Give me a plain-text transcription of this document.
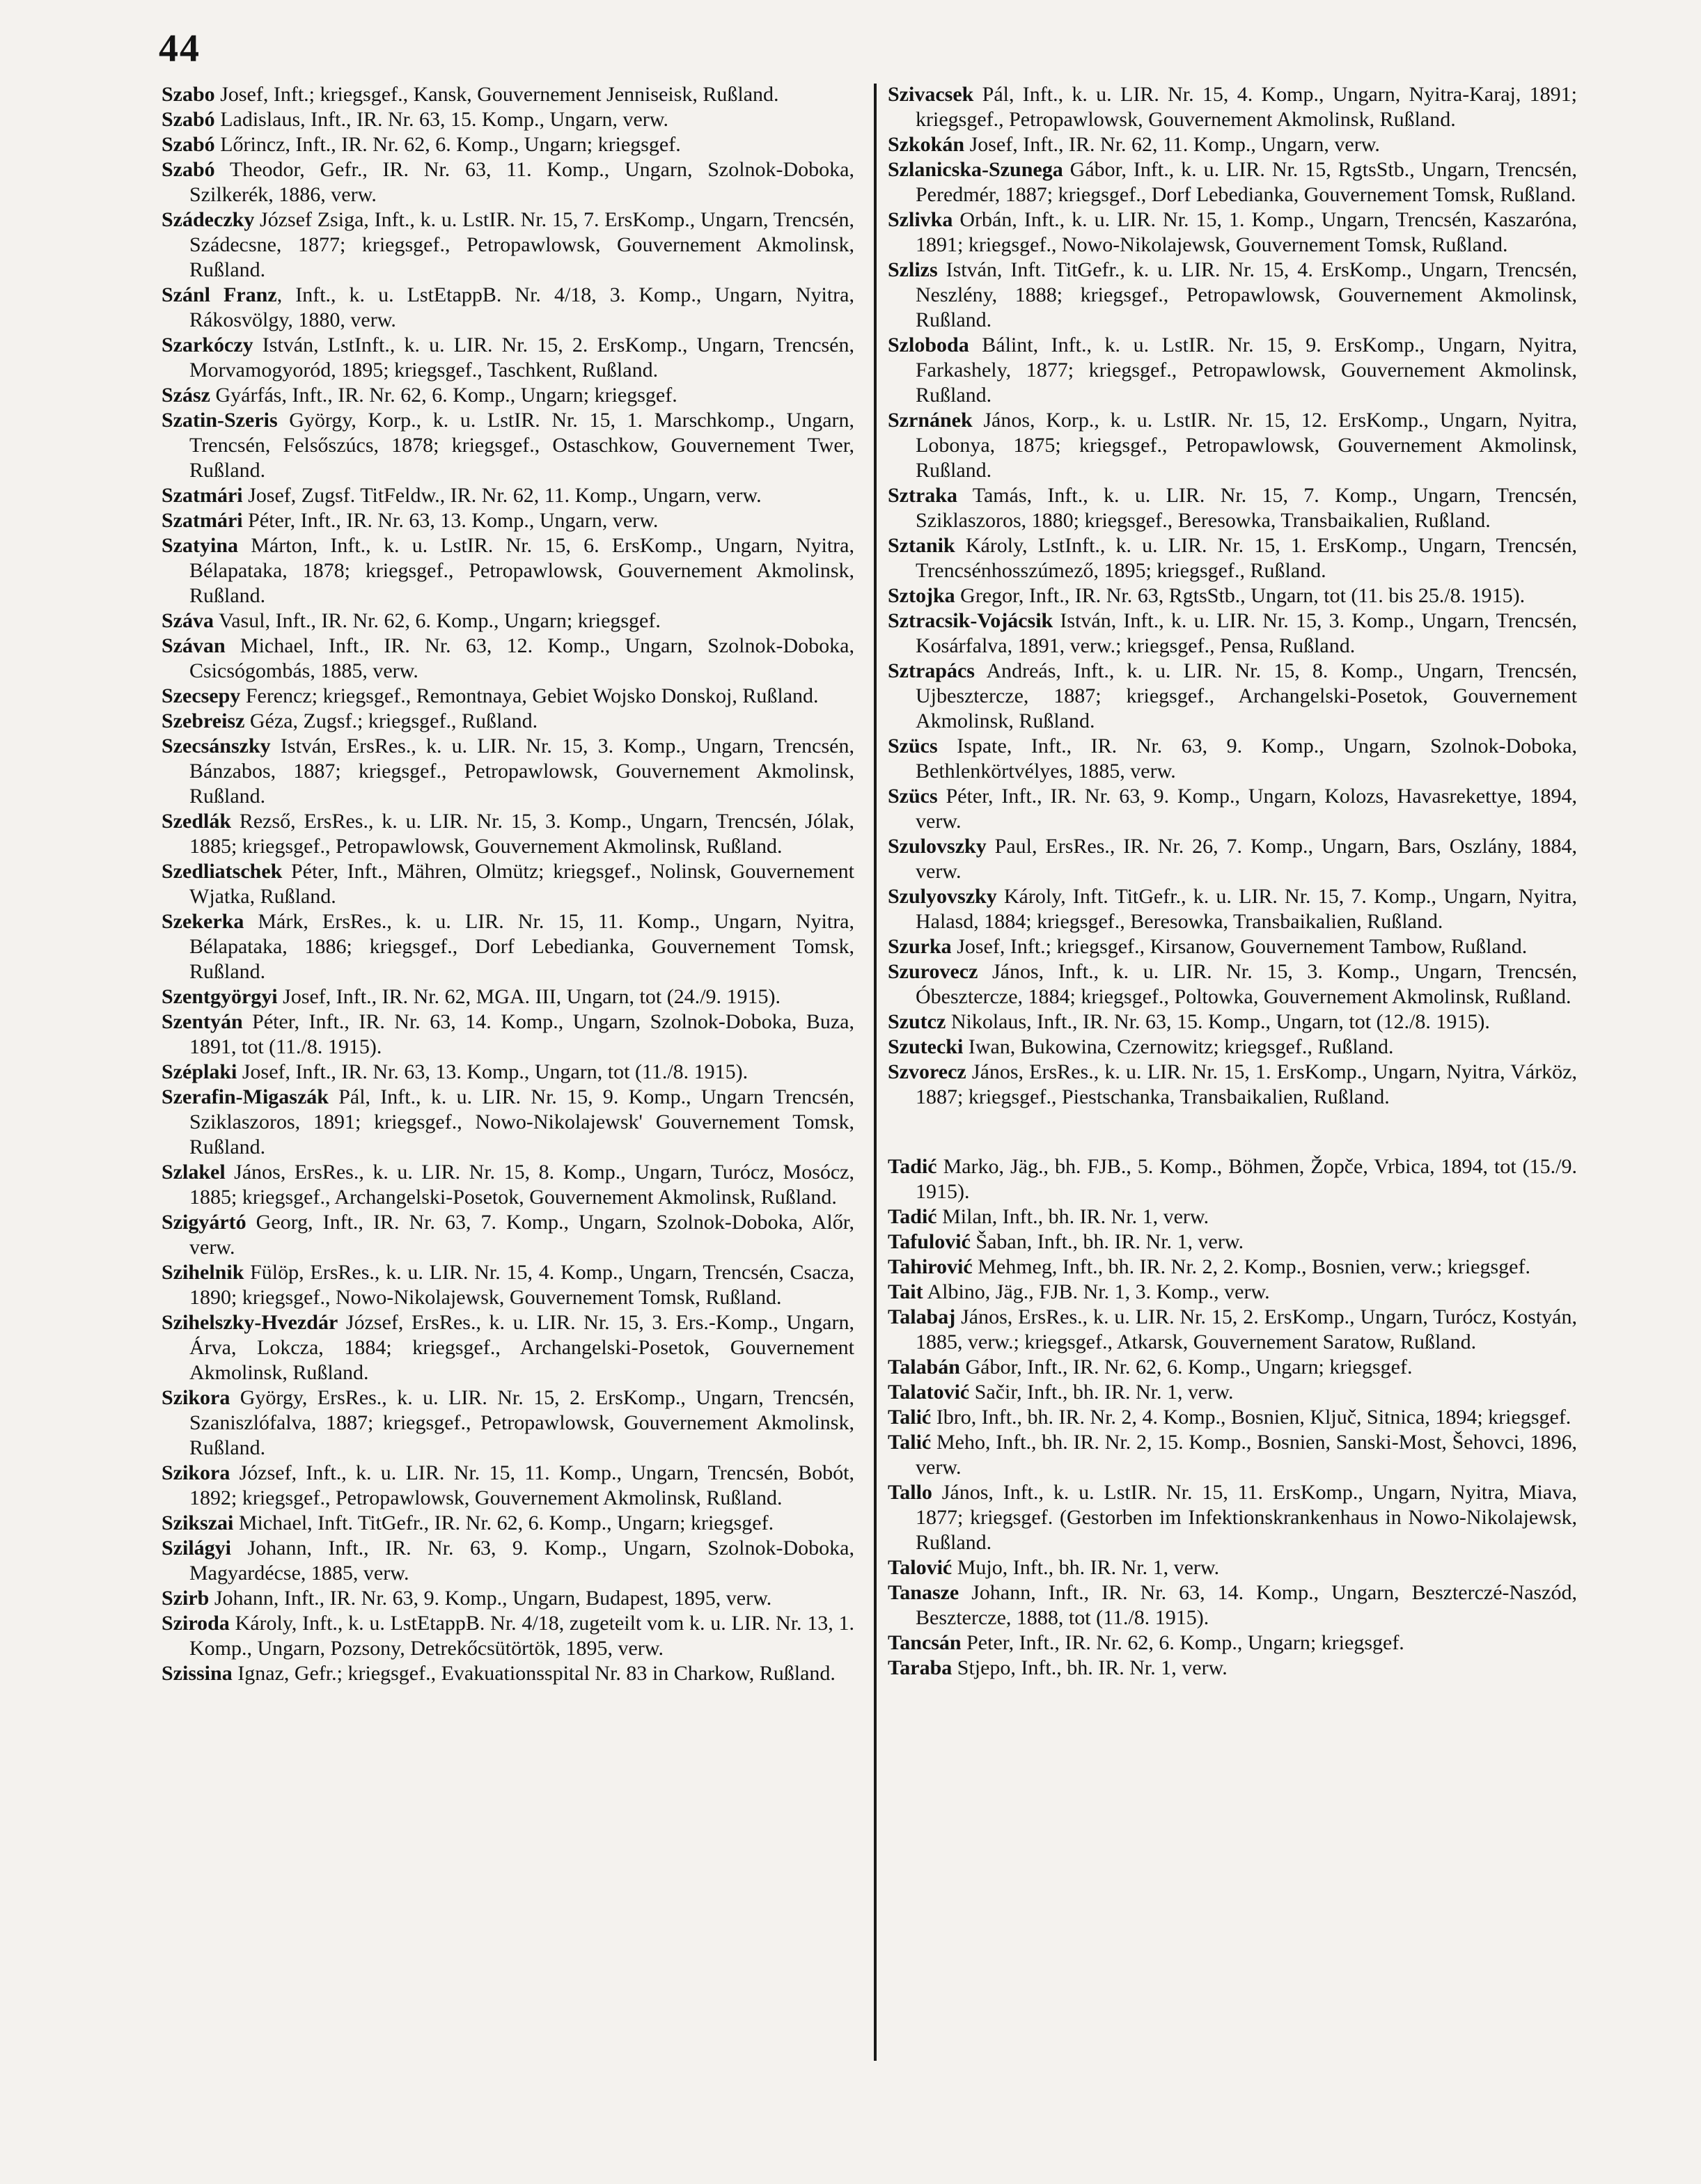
44

Szabo Josef, Inft.; kriegsgef., Kansk, Gouvernement Jenniseisk, Rußland.

Szabó Ladislaus, Inft., IR. Nr. 63, 15. Komp., Ungarn, verw.

Szabó Lőrincz, Inft., IR. Nr. 62, 6. Komp., Ungarn; kriegsgef.

Szabó Theodor, Gefr., IR. Nr. 63, 11. Komp., Ungarn, Szolnok-Doboka, Szilkerék, 1886, verw.

Szádeczky József Zsiga, Inft., k. u. LstIR. Nr. 15, 7. ErsKomp., Ungarn, Trencsén, Szádecsne, 1877; kriegsgef., Petropawlowsk, Gouvernement Akmolinsk, Rußland.

Szánl Franz, Inft., k. u. LstEtappB. Nr. 4/18, 3. Komp., Ungarn, Nyitra, Rákosvölgy, 1880, verw.

Szarkóczy István, LstInft., k. u. LIR. Nr. 15, 2. ErsKomp., Ungarn, Trencsén, Morvamogyoród, 1895; kriegsgef., Taschkent, Rußland.

Szász Gyárfás, Inft., IR. Nr. 62, 6. Komp., Ungarn; kriegsgef.

Szatin-Szeris György, Korp., k. u. LstIR. Nr. 15, 1. Marschkomp., Ungarn, Trencsén, Felsőszúcs, 1878; kriegsgef., Ostaschkow, Gouvernement Twer, Rußland.

Szatmári Josef, Zugsf. TitFeldw., IR. Nr. 62, 11. Komp., Ungarn, verw.

Szatmári Péter, Inft., IR. Nr. 63, 13. Komp., Ungarn, verw.

Szatyina Márton, Inft., k. u. LstIR. Nr. 15, 6. ErsKomp., Ungarn, Nyitra, Bélapataka, 1878; kriegsgef., Petropawlowsk, Gouvernement Akmolinsk, Rußland.

Száva Vasul, Inft., IR. Nr. 62, 6. Komp., Ungarn; kriegsgef.

Szávan Michael, Inft., IR. Nr. 63, 12. Komp., Ungarn, Szolnok-Doboka, Csicsógombás, 1885, verw.

Szecsepy Ferencz; kriegsgef., Remontnaya, Gebiet Wojsko Donskoj, Rußland.

Szebreisz Géza, Zugsf.; kriegsgef., Rußland.

Szecsánszky István, ErsRes., k. u. LIR. Nr. 15, 3. Komp., Ungarn, Trencsén, Bánzabos, 1887; kriegsgef., Petropawlowsk, Gouvernement Akmolinsk, Rußland.

Szedlák Rezső, ErsRes., k. u. LIR. Nr. 15, 3. Komp., Ungarn, Trencsén, Jólak, 1885; kriegsgef., Petropawlowsk, Gouvernement Akmolinsk, Rußland.

Szedliatschek Péter, Inft., Mähren, Olmütz; kriegsgef., Nolinsk, Gouvernement Wjatka, Rußland.

Szekerka Márk, ErsRes., k. u. LIR. Nr. 15, 11. Komp., Ungarn, Nyitra, Bélapataka, 1886; kriegsgef., Dorf Lebedianka, Gouvernement Tomsk, Rußland.

Szentgyörgyi Josef, Inft., IR. Nr. 62, MGA. III, Ungarn, tot (24./9. 1915).

Szentyán Péter, Inft., IR. Nr. 63, 14. Komp., Ungarn, Szolnok-Doboka, Buza, 1891, tot (11./8. 1915).

Széplaki Josef, Inft., IR. Nr. 63, 13. Komp., Ungarn, tot (11./8. 1915).

Szerafin-Migaszák Pál, Inft., k. u. LIR. Nr. 15, 9. Komp., Ungarn Trencsén, Sziklaszoros, 1891; kriegsgef., Nowo-Nikolajewsk' Gouvernement Tomsk, Rußland.

Szlakel János, ErsRes., k. u. LIR. Nr. 15, 8. Komp., Ungarn, Turócz, Mosócz, 1885; kriegsgef., Archangelski-Posetok, Gouvernement Akmolinsk, Rußland.

Szigyártó Georg, Inft., IR. Nr. 63, 7. Komp., Ungarn, Szolnok-Doboka, Alőr, verw.

Szihelnik Fülöp, ErsRes., k. u. LIR. Nr. 15, 4. Komp., Ungarn, Trencsén, Csacza, 1890; kriegsgef., Nowo-Nikolajewsk, Gouvernement Tomsk, Rußland.

Szihelszky-Hvezdár József, ErsRes., k. u. LIR. Nr. 15, 3. Ers.-Komp., Ungarn, Árva, Lokcza, 1884; kriegsgef., Archangelski-Posetok, Gouvernement Akmolinsk, Rußland.

Szikora György, ErsRes., k. u. LIR. Nr. 15, 2. ErsKomp., Ungarn, Trencsén, Szaniszlófalva, 1887; kriegsgef., Petropawlowsk, Gouvernement Akmolinsk, Rußland.

Szikora József, Inft., k. u. LIR. Nr. 15, 11. Komp., Ungarn, Trencsén, Bobót, 1892; kriegsgef., Petropawlowsk, Gouvernement Akmolinsk, Rußland.

Szikszai Michael, Inft. TitGefr., IR. Nr. 62, 6. Komp., Ungarn; kriegsgef.

Szilágyi Johann, Inft., IR. Nr. 63, 9. Komp., Ungarn, Szolnok-Doboka, Magyardécse, 1885, verw.

Szirb Johann, Inft., IR. Nr. 63, 9. Komp., Ungarn, Budapest, 1895, verw.

Sziroda Károly, Inft., k. u. LstEtappB. Nr. 4/18, zugeteilt vom k. u. LIR. Nr. 13, 1. Komp., Ungarn, Pozsony, Detrekőcsütörtök, 1895, verw.

Szissina Ignaz, Gefr.; kriegsgef., Evakuationsspital Nr. 83 in Charkow, Rußland.

Szivacsek Pál, Inft., k. u. LIR. Nr. 15, 4. Komp., Ungarn, Nyitra-Karaj, 1891; kriegsgef., Petropawlowsk, Gouvernement Akmolinsk, Rußland.

Szkokán Josef, Inft., IR. Nr. 62, 11. Komp., Ungarn, verw.

Szlanicska-Szunega Gábor, Inft., k. u. LIR. Nr. 15, RgtsStb., Ungarn, Trencsén, Peredmér, 1887; kriegsgef., Dorf Lebedianka, Gouvernement Tomsk, Rußland.

Szlivka Orbán, Inft., k. u. LIR. Nr. 15, 1. Komp., Ungarn, Trencsén, Kaszaróna, 1891; kriegsgef., Nowo-Nikolajewsk, Gouvernement Tomsk, Rußland.

Szlizs István, Inft. TitGefr., k. u. LIR. Nr. 15, 4. ErsKomp., Ungarn, Trencsén, Neszlény, 1888; kriegsgef., Petropawlowsk, Gouvernement Akmolinsk, Rußland.

Szloboda Bálint, Inft., k. u. LstIR. Nr. 15, 9. ErsKomp., Ungarn, Nyitra, Farkashely, 1877; kriegsgef., Petropawlowsk, Gouvernement Akmolinsk, Rußland.

Szrnánek János, Korp., k. u. LstIR. Nr. 15, 12. ErsKomp., Ungarn, Nyitra, Lobonya, 1875; kriegsgef., Petropawlowsk, Gouvernement Akmolinsk, Rußland.

Sztraka Tamás, Inft., k. u. LIR. Nr. 15, 7. Komp., Ungarn, Trencsén, Sziklaszoros, 1880; kriegsgef., Beresowka, Transbaikalien, Rußland.

Sztanik Károly, LstInft., k. u. LIR. Nr. 15, 1. ErsKomp., Ungarn, Trencsén, Trencsénhosszúmező, 1895; kriegsgef., Rußland.

Sztojka Gregor, Inft., IR. Nr. 63, RgtsStb., Ungarn, tot (11. bis 25./8. 1915).

Sztracsik-Vojácsik István, Inft., k. u. LIR. Nr. 15, 3. Komp., Ungarn, Trencsén, Kosárfalva, 1891, verw.; kriegsgef., Pensa, Rußland.

Sztrapács Andreás, Inft., k. u. LIR. Nr. 15, 8. Komp., Ungarn, Trencsén, Ujbesztercze, 1887; kriegsgef., Archangelski-Posetok, Gouvernement Akmolinsk, Rußland.

Szücs Ispate, Inft., IR. Nr. 63, 9. Komp., Ungarn, Szolnok-Doboka, Bethlenkörtvélyes, 1885, verw.

Szücs Péter, Inft., IR. Nr. 63, 9. Komp., Ungarn, Kolozs, Havasrekettye, 1894, verw.

Szulovszky Paul, ErsRes., IR. Nr. 26, 7. Komp., Ungarn, Bars, Oszlány, 1884, verw.

Szulyovszky Károly, Inft. TitGefr., k. u. LIR. Nr. 15, 7. Komp., Ungarn, Nyitra, Halasd, 1884; kriegsgef., Beresowka, Transbaikalien, Rußland.

Szurka Josef, Inft.; kriegsgef., Kirsanow, Gouvernement Tambow, Rußland.

Szurovecz János, Inft., k. u. LIR. Nr. 15, 3. Komp., Ungarn, Trencsén, Óbesztercze, 1884; kriegsgef., Poltowka, Gouvernement Akmolinsk, Rußland.

Szutcz Nikolaus, Inft., IR. Nr. 63, 15. Komp., Ungarn, tot (12./8. 1915).

Szutecki Iwan, Bukowina, Czernowitz; kriegsgef., Rußland.

Szvorecz János, ErsRes., k. u. LIR. Nr. 15, 1. ErsKomp., Ungarn, Nyitra, Várköz, 1887; kriegsgef., Piestschanka, Transbaikalien, Rußland.

Tadić Marko, Jäg., bh. FJB., 5. Komp., Böhmen, Žopče, Vrbica, 1894, tot (15./9. 1915).

Tadić Milan, Inft., bh. IR. Nr. 1, verw.

Tafulović Šaban, Inft., bh. IR. Nr. 1, verw.

Tahirović Mehmeg, Inft., bh. IR. Nr. 2, 2. Komp., Bosnien, verw.; kriegsgef.

Tait Albino, Jäg., FJB. Nr. 1, 3. Komp., verw.

Talabaj János, ErsRes., k. u. LIR. Nr. 15, 2. ErsKomp., Ungarn, Turócz, Kostyán, 1885, verw.; kriegsgef., Atkarsk, Gouvernement Saratow, Rußland.

Talabán Gábor, Inft., IR. Nr. 62, 6. Komp., Ungarn; kriegsgef.

Talatović Sačir, Inft., bh. IR. Nr. 1, verw.

Talić Ibro, Inft., bh. IR. Nr. 2, 4. Komp., Bosnien, Ključ, Sitnica, 1894; kriegsgef.

Talić Meho, Inft., bh. IR. Nr. 2, 15. Komp., Bosnien, Sanski-Most, Šehovci, 1896, verw.

Tallo János, Inft., k. u. LstIR. Nr. 15, 11. ErsKomp., Ungarn, Nyitra, Miava, 1877; kriegsgef. (Gestorben im Infektionskrankenhaus in Nowo-Nikolajewsk, Rußland.

Talović Mujo, Inft., bh. IR. Nr. 1, verw.

Tanasze Johann, Inft., IR. Nr. 63, 14. Komp., Ungarn, Beszterczé-Naszód, Besztercze, 1888, tot (11./8. 1915).

Tancsán Peter, Inft., IR. Nr. 62, 6. Komp., Ungarn; kriegsgef.

Taraba Stjepo, Inft., bh. IR. Nr. 1, verw.
